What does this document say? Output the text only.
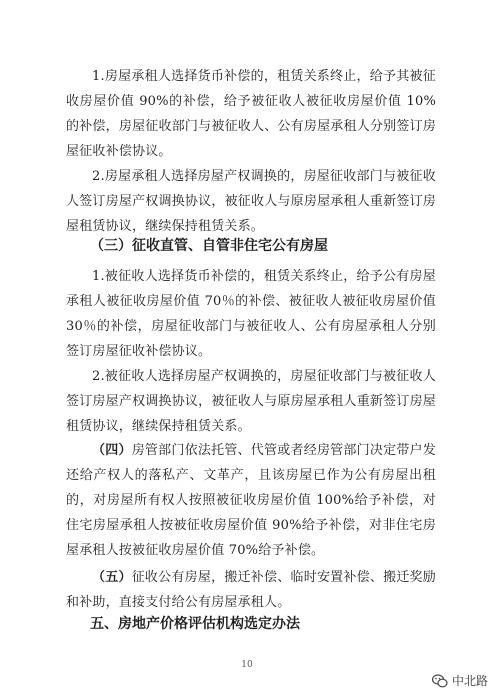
1.房屋承租人选择货币补偿的，租赁关系终止，给予其被征收房屋价值 90%的补偿，给予被征收人被征收房屋价值 10%的补偿，房屋征收部门与被征收人、公有房屋承租人分别签订房屋征收补偿协议。

2.房屋承租人选择房屋产权调换的，房屋征收部门与被征收人签订房屋产权调换协议，被征收人与原房屋承租人重新签订房屋租赁协议，继续保持租赁关系。

（三）征收直管、自管非住宅公有房屋

1.被征收人选择货币补偿的，租赁关系终止，给予公有房屋承租人被征收房屋价值 70％的补偿、被征收人被征收房屋价值 30％的补偿，房屋征收部门与被征收人、公有房屋承租人分别签订房屋征收补偿协议。

2.被征收人选择房屋产权调换的，房屋征收部门与被征收人签订房屋产权调换协议，被征收人与原房屋承租人重新签订房屋租赁协议，继续保持租赁关系。

（四）房管部门依法托管、代管或者经房管部门决定带户发还给产权人的落私产、文革产，且该房屋已作为公有房屋出租的，对房屋所有权人按照被征收房屋价值 100%给予补偿，对住宅房屋承租人按被征收房屋价值 90%给予补偿，对非住宅房屋承租人按被征收房屋价值 70%给予补偿。

（五）征收公有房屋，搬迁补偿、临时安置补偿、搬迁奖励和补助，直接支付给公有房屋承租人。

五、房地产价格评估机构选定办法
10
中北路
